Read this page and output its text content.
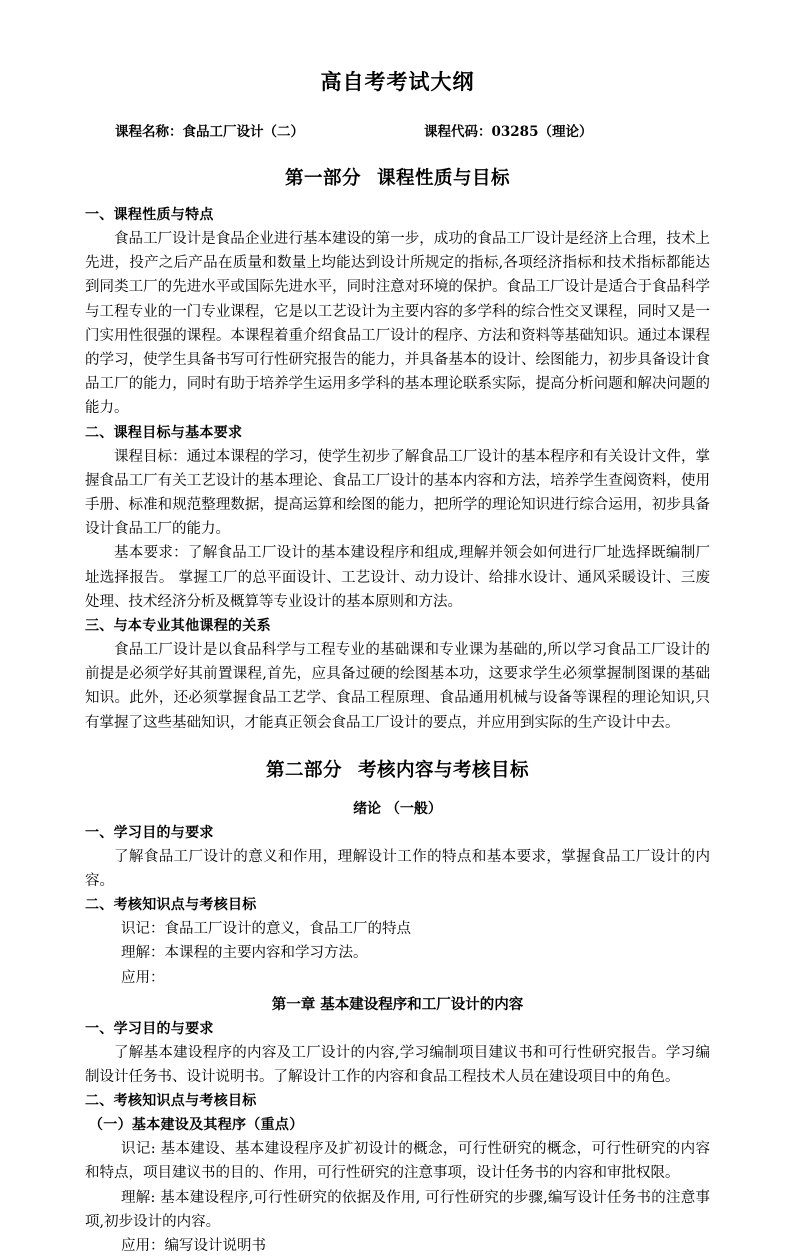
高自考考试大纲
课程名称： 食品工厂设计（二）	课程代码： 03285（理论）
第一部分 课程性质与目标
一、课程性质与特点

食品工厂设计是食品企业进行基本建设的第一步，成功的食品工厂设计是经济上合理，技术上先进，投产之后产品在质量和数量上均能达到设计所规定的指标,各项经济指标和技术指标都能达到同类工厂的先进水平或国际先进水平，同时注意对环境的保护。食品工厂设计是适合于食品科学与工程专业的一门专业课程，它是以工艺设计为主要内容的多学科的综合性交叉课程，同时又是一门实用性很强的课程。本课程着重介绍食品工厂设计的程序、方法和资料等基础知识。通过本课程的学习，使学生具备书写可行性研究报告的能力，并具备基本的设计、绘图能力，初步具备设计食品工厂的能力，同时有助于培养学生运用多学科的基本理论联系实际，提高分析问题和解决问题的能力。

二、课程目标与基本要求

课程目标：通过本课程的学习，使学生初步了解食品工厂设计的基本程序和有关设计文件，掌握食品工厂有关工艺设计的基本理论、食品工厂设计的基本内容和方法，培养学生查阅资料，使用手册、标准和规范整理数据，提高运算和绘图的能力，把所学的理论知识进行综合运用，初步具备设计食品工厂的能力。

基本要求：了解食品工厂设计的基本建设程序和组成,理解并领会如何进行厂址选择既编制厂址选择报告。 掌握工厂的总平面设计、工艺设计、动力设计、给排水设计、通风采暖设计、三废处理、技术经济分析及概算等专业设计的基本原则和方法。

三、与本专业其他课程的关系

食品工厂设计是以食品科学与工程专业的基础课和专业课为基础的,所以学习食品工厂设计的前提是必须学好其前置课程,首先，应具备过硬的绘图基本功，这要求学生必须掌握制图课的基础知识。此外，还必须掌握食品工艺学、食品工程原理、食品通用机械与设备等课程的理论知识,只有掌握了这些基础知识，才能真正领会食品工厂设计的要点，并应用到实际的生产设计中去。

第二部分 考核内容与考核目标
绪论 （一般）
一、学习目的与要求

了解食品工厂设计的意义和作用，理解设计工作的特点和基本要求，掌握食品工厂设计的内容。

二、考核知识点与考核目标

识记：食品工厂设计的意义，食品工厂的特点

理解：本课程的主要内容和学习方法。

应用：

第一章 基本建设程序和工厂设计的内容
一、学习目的与要求

了解基本建设程序的内容及工厂设计的内容,学习编制项目建议书和可行性研究报告。学习编制设计任务书、设计说明书。了解设计工作的内容和食品工程技术人员在建设项目中的角色。

二、考核知识点与考核目标
（一）基本建设及其程序（重点）

识记: 基本建设、基本建设程序及扩初设计的概念，可行性研究的概念，可行性研究的内容和特点，项目建议书的目的、作用，可行性研究的注意事项，设计任务书的内容和审批权限。

理解: 基本建设程序,可行性研究的依据及作用, 可行性研究的步骤,编写设计任务书的注意事项,初步设计的内容。

应用：编写设计说明书
